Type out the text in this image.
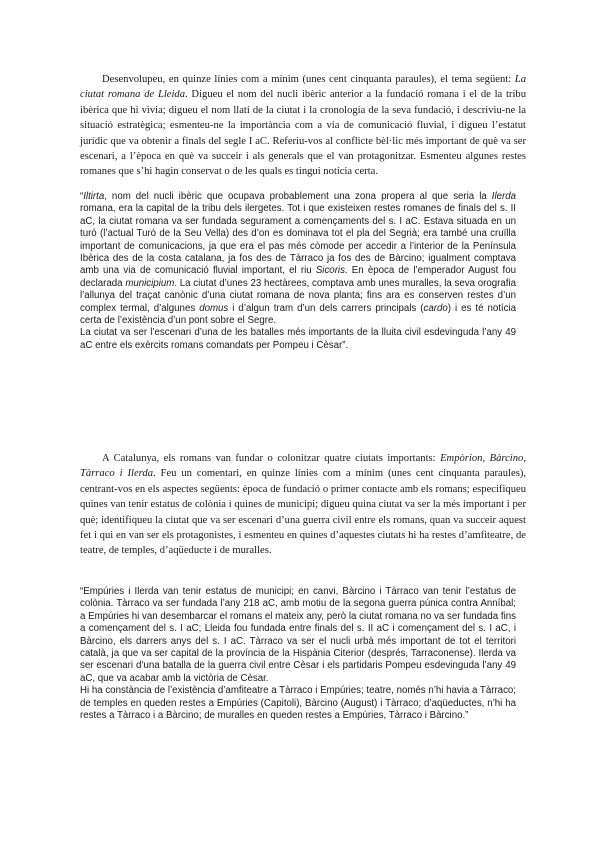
Desenvolupeu, en quinze línies com a mínim (unes cent cinquanta paraules), el tema següent: La ciutat romana de Lleida. Digueu el nom del nucli ibèric anterior a la fundació romana i el de la tribu ibèrica que hi vivia; digueu el nom llatí de la ciutat i la cronologia de la seva fundació, i descriviu-ne la situació estratègica; esmenteu-ne la importància com a via de comunicació fluvial, i digueu l’estatut jurídic que va obtenir a finals del segle I aC. Referiu-vos al conflicte bèl·lic més important de què va ser escenari, a l’època en què va succeir i als generals que el van protagonitzar. Esmenteu algunes restes romanes que s’hi hagin conservat o de les quals es tingui notícia certa.

“Iltirta, nom del nucli ibèric que ocupava probablement una zona propera al que seria la Ilerda romana, era la capital de la tribu dels ilergetes. Tot i que existeixen restes romanes de finals del s. II aC, la ciutat romana va ser fundada segurament a començaments del s. I aC. Estava situada en un turó (l’actual Turó de la Seu Vella) des d’on es dominava tot el pla del Segrià; era també una cruïlla important de comunicacions, ja que era el pas més còmode per accedir a l’interior de la Península Ibèrica des de la costa catalana, ja fos des de Tàrraco ja fos des de Bàrcino; igualment comptava amb una via de comunicació fluvial important, el riu Sicoris. En època de l’emperador August fou declarada municipium. La ciutat d’unes 23 hectàrees, comptava amb unes muralles, la seva orografia l’allunya del traçat canònic d’una ciutat romana de nova planta; fins ara es conserven restes d’un complex termal, d’algunes domus i d’algun tram d’un dels carrers principals (cardo) i es té notícia certa de l’existència d’un pont sobre el Segre.

La ciutat va ser l’escenari d’una de les batalles més importants de la lluita civil esdevinguda l’any 49 aC entre els exèrcits romans comandats per Pompeu i Cèsar”.

A Catalunya, els romans van fundar o colonitzar quatre ciutats importants: Empòrion, Bàrcino, Tàrraco i Ilerda. Feu un comentari, en quinze línies com a mínim (unes cent cinquanta paraules), centrant-vos en els aspectes següents: època de fundació o primer contacte amb els romans; especifiqueu quines van tenir estatus de colònia i quines de municipi; digueu quina ciutat va ser la més important i per què; identifiqueu la ciutat que va ser escenari d’una guerra civil entre els romans, quan va succeir aquest fet i qui en van ser els protagonistes, i esmenteu en quines d’aquestes ciutats hi ha restes d’amfiteatre, de teatre, de temples, d’aqüeducte i de muralles.

“Empúries i Ilerda van tenir estatus de municipi; en canvi, Bàrcino i Tàrraco van tenir l’estatus de colònia. Tàrraco va ser fundada l’any 218 aC, amb motiu de la segona guerra púnica contra Anníbal; a Empúries hi van desembarcar el romans el mateix any, però la ciutat romana no va ser fundada fins a començament del s. I aC; Lleida fou fundada entre finals del s. II aC i començament del s. I aC, i Bàrcino, els darrers anys del s. I aC. Tàrraco va ser el nucli urbà més important de tot el territori català, ja que va ser capital de la província de la Hispània Citerior (després, Tarraconense). Ilerda va ser escenari d’una batalla de la guerra civil entre Cèsar i els partidaris Pompeu esdevinguda l’any 49 aC, que va acabar amb la victòria de Cèsar.

Hi ha constància de l’existència d’amfiteatre a Tàrraco i Empúries; teatre, només n’hi havia a Tàrraco; de temples en queden restes a Empúries (Capitoli), Bàrcino (August) i Tàrraco; d’aqüeductes, n’hi ha restes a Tàrraco i a Bàrcino; de muralles en queden restes a Empúries, Tàrraco i Bàrcino.”
